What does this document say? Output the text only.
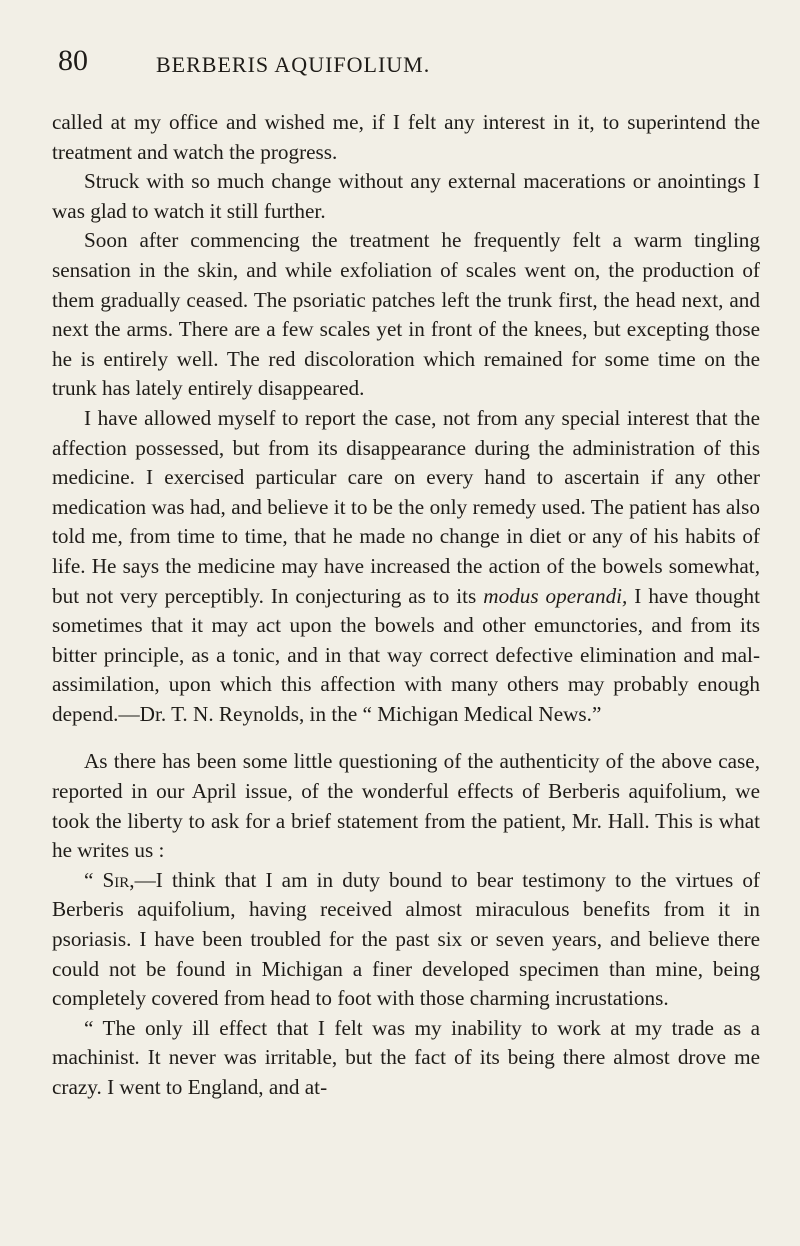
80	BERBERIS AQUIFOLIUM.

called at my office and wished me, if I felt any interest in it, to superintend the treatment and watch the progress.

Struck with so much change without any external macerations or anointings I was glad to watch it still further.

Soon after commencing the treatment he frequently felt a warm tingling sensation in the skin, and while exfoliation of scales went on, the production of them gradually ceased. The psoriatic patches left the trunk first, the head next, and next the arms. There are a few scales yet in front of the knees, but excepting those he is entirely well. The red discoloration which remained for some time on the trunk has lately entirely disappeared.

I have allowed myself to report the case, not from any special interest that the affection possessed, but from its disappearance during the administration of this medicine. I exercised particular care on every hand to ascertain if any other medication was had, and believe it to be the only remedy used. The patient has also told me, from time to time, that he made no change in diet or any of his habits of life. He says the medicine may have increased the action of the bowels somewhat, but not very perceptibly. In conjecturing as to its modus operandi, I have thought sometimes that it may act upon the bowels and other emunctories, and from its bitter principle, as a tonic, and in that way correct defective elimination and mal-assimilation, upon which this affection with many others may probably enough depend.—Dr. T. N. Reynolds, in the “ Michigan Medical News.”

As there has been some little questioning of the authenticity of the above case, reported in our April issue, of the wonderful effects of Berberis aquifolium, we took the liberty to ask for a brief statement from the patient, Mr. Hall. This is what he writes us :

“ Sir,—I think that I am in duty bound to bear testimony to the virtues of Berberis aquifolium, having received almost miraculous benefits from it in psoriasis. I have been troubled for the past six or seven years, and believe there could not be found in Michigan a finer developed specimen than mine, being completely covered from head to foot with those charming incrustations.

“ The only ill effect that I felt was my inability to work at my trade as a machinist. It never was irritable, but the fact of its being there almost drove me crazy. I went to England, and at-
